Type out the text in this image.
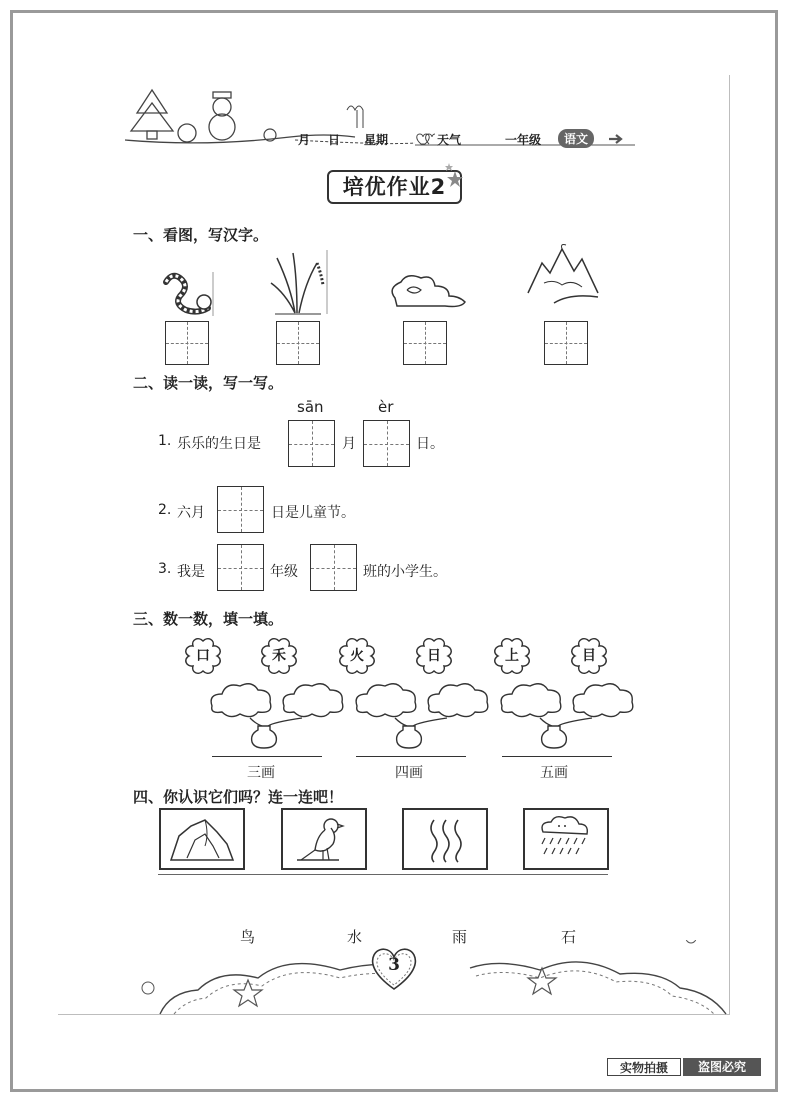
月 日 星期	天气	一年级	语文
培优作业2
一、看图，写汉字。
二、读一读，写一写。
sān	èr
1. 乐乐的生日是	月	日。
2. 六月	日是儿童节。
3. 我是	年级	班的小学生。
三、数一数，填一填。
口	禾	火	日	上	目
三画	四画	五画
四、你认识它们吗？连一连吧！
鸟	水	雨	石
3
实物拍摄	盗图必究
